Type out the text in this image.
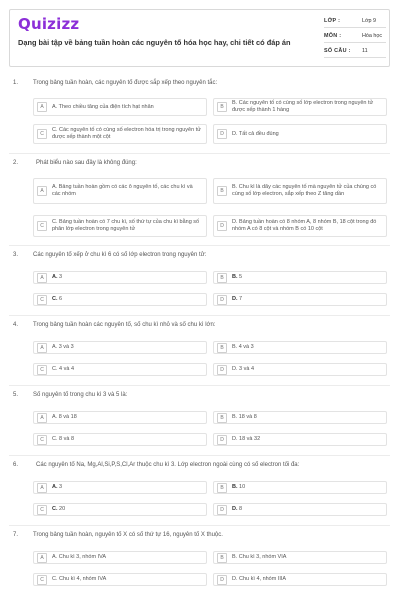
Quizizz
Dạng bài tập về bảng tuần hoàn các nguyên tố hóa học hay, chi tiết có đáp án
LỚP :	Lớp 9
MÔN :	Hóa học
SỐ CÂU : 11
1. Trong bảng tuần hoàn, các nguyên tố được sắp xếp theo nguyên tắc:
A	A. Theo chiều tăng của điện tích hạt nhân	B
B. Các nguyên tố có cùng số lớp electron trong nguyên tử được xếp thành 1 hàng
C
C. Các nguyên tố có cùng số electron hóa trị trong nguyên tử được xếp thành một cột	D	D. Tất cả đều đúng
2.	Phát biểu nào sau đây là không đúng:
A
A. Bảng tuần hoàn gồm có các ô nguyên tố, các chu kì và các nhóm	B
B. Chu kì là dãy các nguyên tố mà nguyên tử của chúng có cùng số lớp electron, sắp xếp theo Z tăng dần
C
C. Bảng tuần hoàn có 7 chu kì, số thứ tự của chu kì bằng số phân lớp electron trong nguyên tử	D
D. Bảng tuần hoàn có 8 nhóm A, 8 nhóm B, 18 cột trong đó nhóm A có 8 cột và nhóm B có 10 cột
3. Các nguyên tố xếp ở chu kì 6 có số lớp electron trong nguyên tử:
A	A. 3	B	B. 5
C	C. 6	D	D. 7
4. Trong bảng tuần hoàn các nguyên tố, số chu kì nhỏ và số chu kì lớn:
A	A. 3 và 3	B	B. 4 và 3
C	C. 4 và 4	D	D. 3 và 4
5. Số nguyên tố trong chu kì 3 và 5 là:
A	A. 8 và 18	B	B. 18 và 8
C	C. 8 và 8	D	D. 18 và 32
6.	Các nguyên tố Na, Mg,Al,Si,P,S,Cl,Ar thuộc chu kì 3. Lớp electron ngoài cùng có số electron tối đa:
A	A. 3	B	B. 10
C	C. 20	D	D. 8
7. Trong bảng tuần hoàn, nguyên tố X có số thứ tự 16, nguyên tố X thuộc.
A	A. Chu kì 3, nhóm IVA	B	B. Chu kì 3, nhóm VIA
C	C. Chu kì 4, nhóm IVA	D	D. Chu kì 4, nhóm IIIA
